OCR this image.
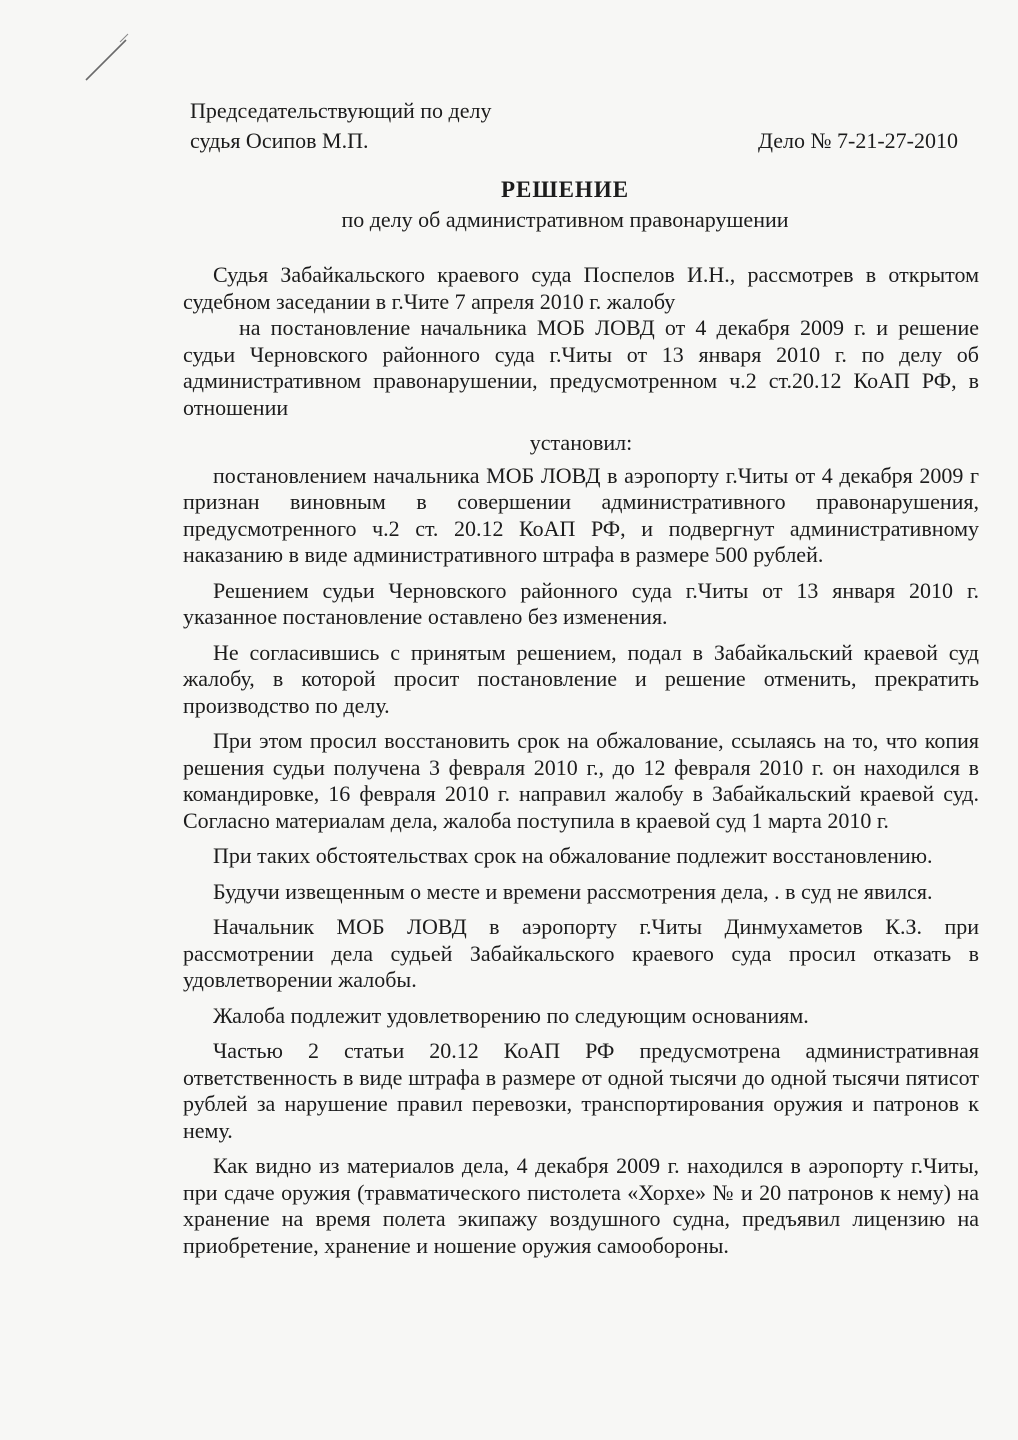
Председательствующий по делу
судья Осипов М.П.	Дело № 7-21-27-2010
РЕШЕНИЕ
по делу об административном правонарушении

Судья Забайкальского краевого суда Поспелов И.Н., рассмотрев в открытом судебном заседании в г.Чите 7 апреля 2010 г. жалобу

на постановление начальника МОБ ЛОВД от 4 декабря 2009 г. и решение судьи Черновского районного суда г.Читы от 13 января 2010 г. по делу об административном правонарушении, предусмотренном ч.2 ст.20.12 КоАП РФ, в отношении

установил:

постановлением начальника МОБ ЛОВД в аэропорту г.Читы от 4 декабря 2009 г признан виновным в совершении административного правонарушения, предусмотренного ч.2 ст. 20.12 КоАП РФ, и подвергнут административному наказанию в виде административного штрафа в размере 500 рублей.

Решением судьи Черновского районного суда г.Читы от 13 января 2010 г. указанное постановление оставлено без изменения.

Не согласившись с принятым решением, подал в Забайкальский краевой суд жалобу, в которой просит постановление и решение отменить, прекратить производство по делу.

При этом просил восстановить срок на обжалование, ссылаясь на то, что копия решения судьи получена 3 февраля 2010 г., до 12 февраля 2010 г. он находился в командировке, 16 февраля 2010 г. направил жалобу в Забайкальский краевой суд. Согласно материалам дела, жалоба поступила в краевой суд 1 марта 2010 г.

При таких обстоятельствах срок на обжалование подлежит восстановлению.

Будучи извещенным о месте и времени рассмотрения дела, . в суд не явился.

Начальник МОБ ЛОВД в аэропорту г.Читы Динмухаметов К.З. при рассмотрении дела судьей Забайкальского краевого суда просил отказать в удовлетворении жалобы.

Жалоба подлежит удовлетворению по следующим основаниям.

Частью 2 статьи 20.12 КоАП РФ предусмотрена административная ответственность в виде штрафа в размере от одной тысячи до одной тысячи пятисот рублей за нарушение правил перевозки, транспортирования оружия и патронов к нему.

Как видно из материалов дела, 4 декабря 2009 г. находился в аэропорту г.Читы, при сдаче оружия (травматического пистолета «Хорхе» № и 20 патронов к нему) на хранение на время полета экипажу воздушного судна, предъявил лицензию на приобретение, хранение и ношение оружия самообороны.
